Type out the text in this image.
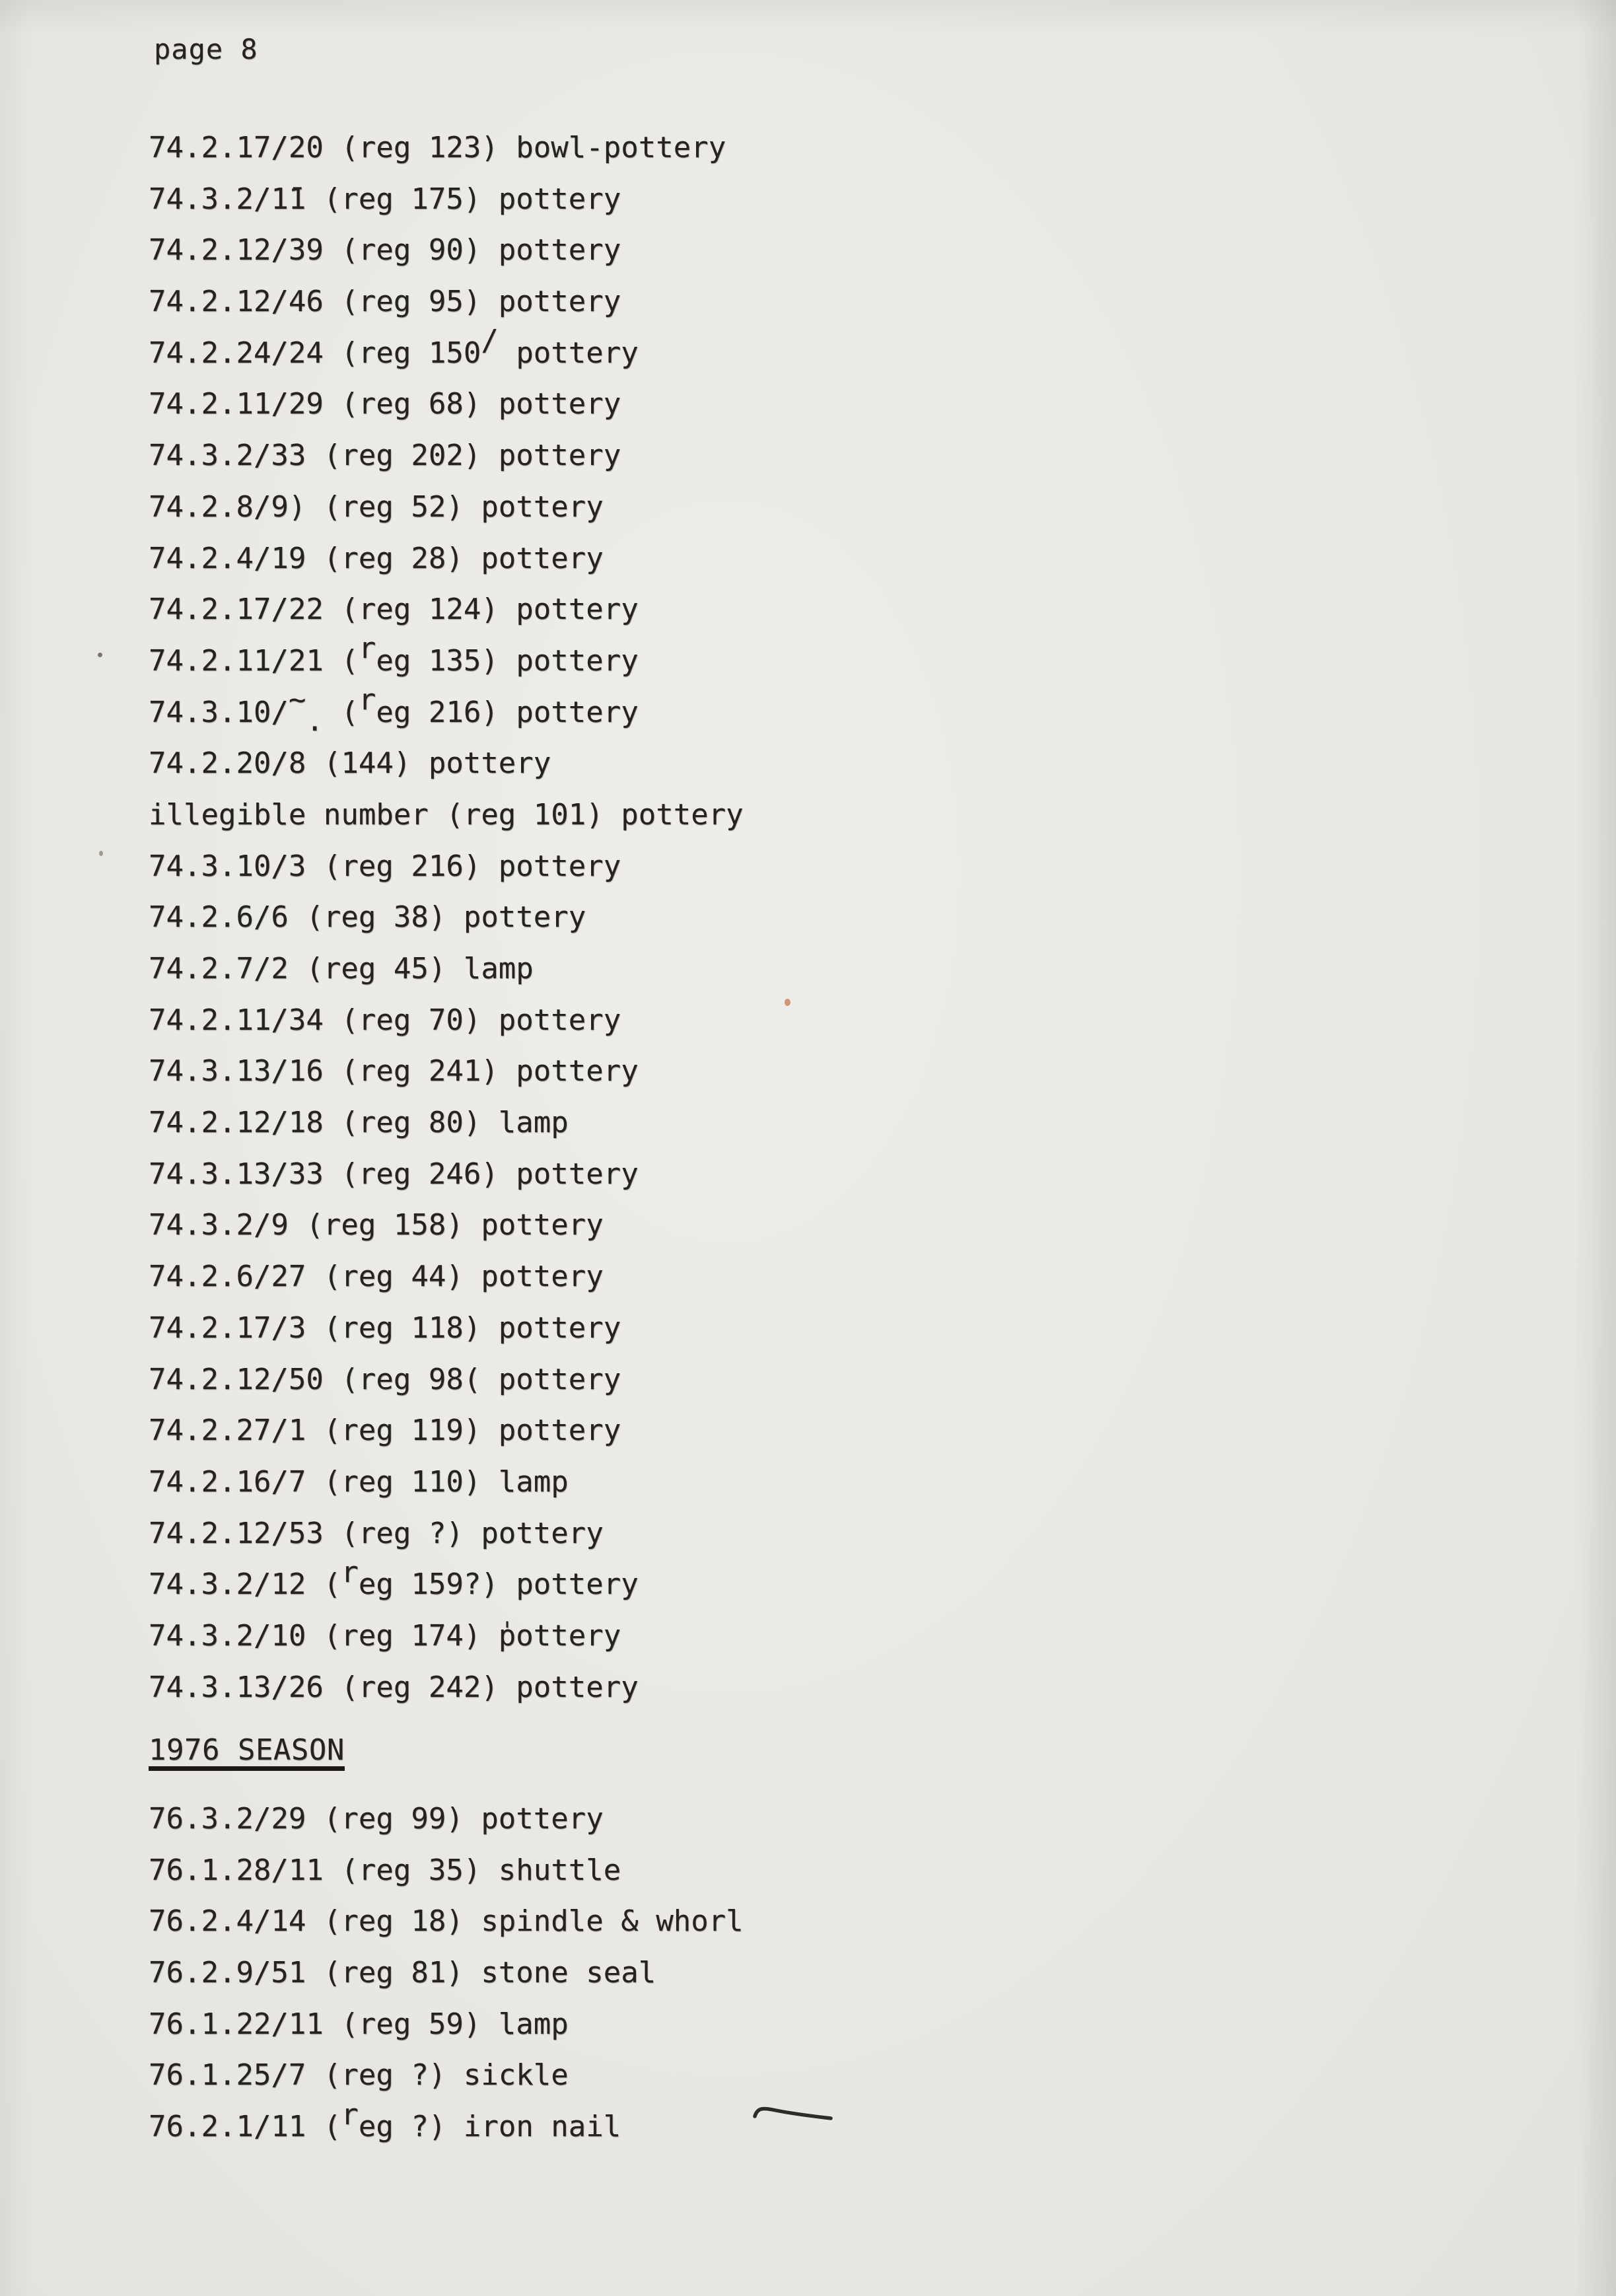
page 8
74.2.17/20 (reg 123) bowl-pottery
74.3.2/1̄1 (reg 175) pottery
74.2.12/39 (reg 90) pottery
74.2.12/46 (reg 95) pottery
74.2.24/24 (reg 150/ pottery
74.2.11/29 (reg 68) pottery
74.3.2/33 (reg 202) pottery
74.2.8/9) (reg 52) pottery
74.2.4/19 (reg 28) pottery
74.2.17/22 (reg 124) pottery
74.2.11/21 (reg 135) pottery
74.3.10/~. (reg 216) pottery
74.2.20/8 (144) pottery
illegible number (reg 101) pottery
74.3.10/3 (reg 216) pottery
74.2.6/6 (reg 38) pottery
74.2.7/2 (reg 45) lamp
74.2.11/34 (reg 70) pottery
74.3.13/16 (reg 241) pottery
74.2.12/18 (reg 80) lamp
74.3.13/33 (reg 246) pottery
74.3.2/9 (reg 158) pottery
74.2.6/27 (reg 44) pottery
74.2.17/3 (reg 118) pottery
74.2.12/50 (reg 98( pottery
74.2.27/1 (reg 119) pottery
74.2.16/7 (reg 110) lamp
74.2.12/53 (reg ?) pottery
74.3.2/12 (reg 159?) pottery
74.3.2/10 (reg 174) p̍ottery
74.3.13/26 (reg 242) pottery
1976 SEASON
76.3.2/29 (reg 99) pottery
76.1.28/11 (reg 35) shuttle
76.2.4/14 (reg 18) spindle & whorl
76.2.9/51 (reg 81) stone seal
76.1.22/11 (reg 59) lamp
76.1.25/7 (reg ?) sickle
76.2.1/11 (reg ?) iron nail
